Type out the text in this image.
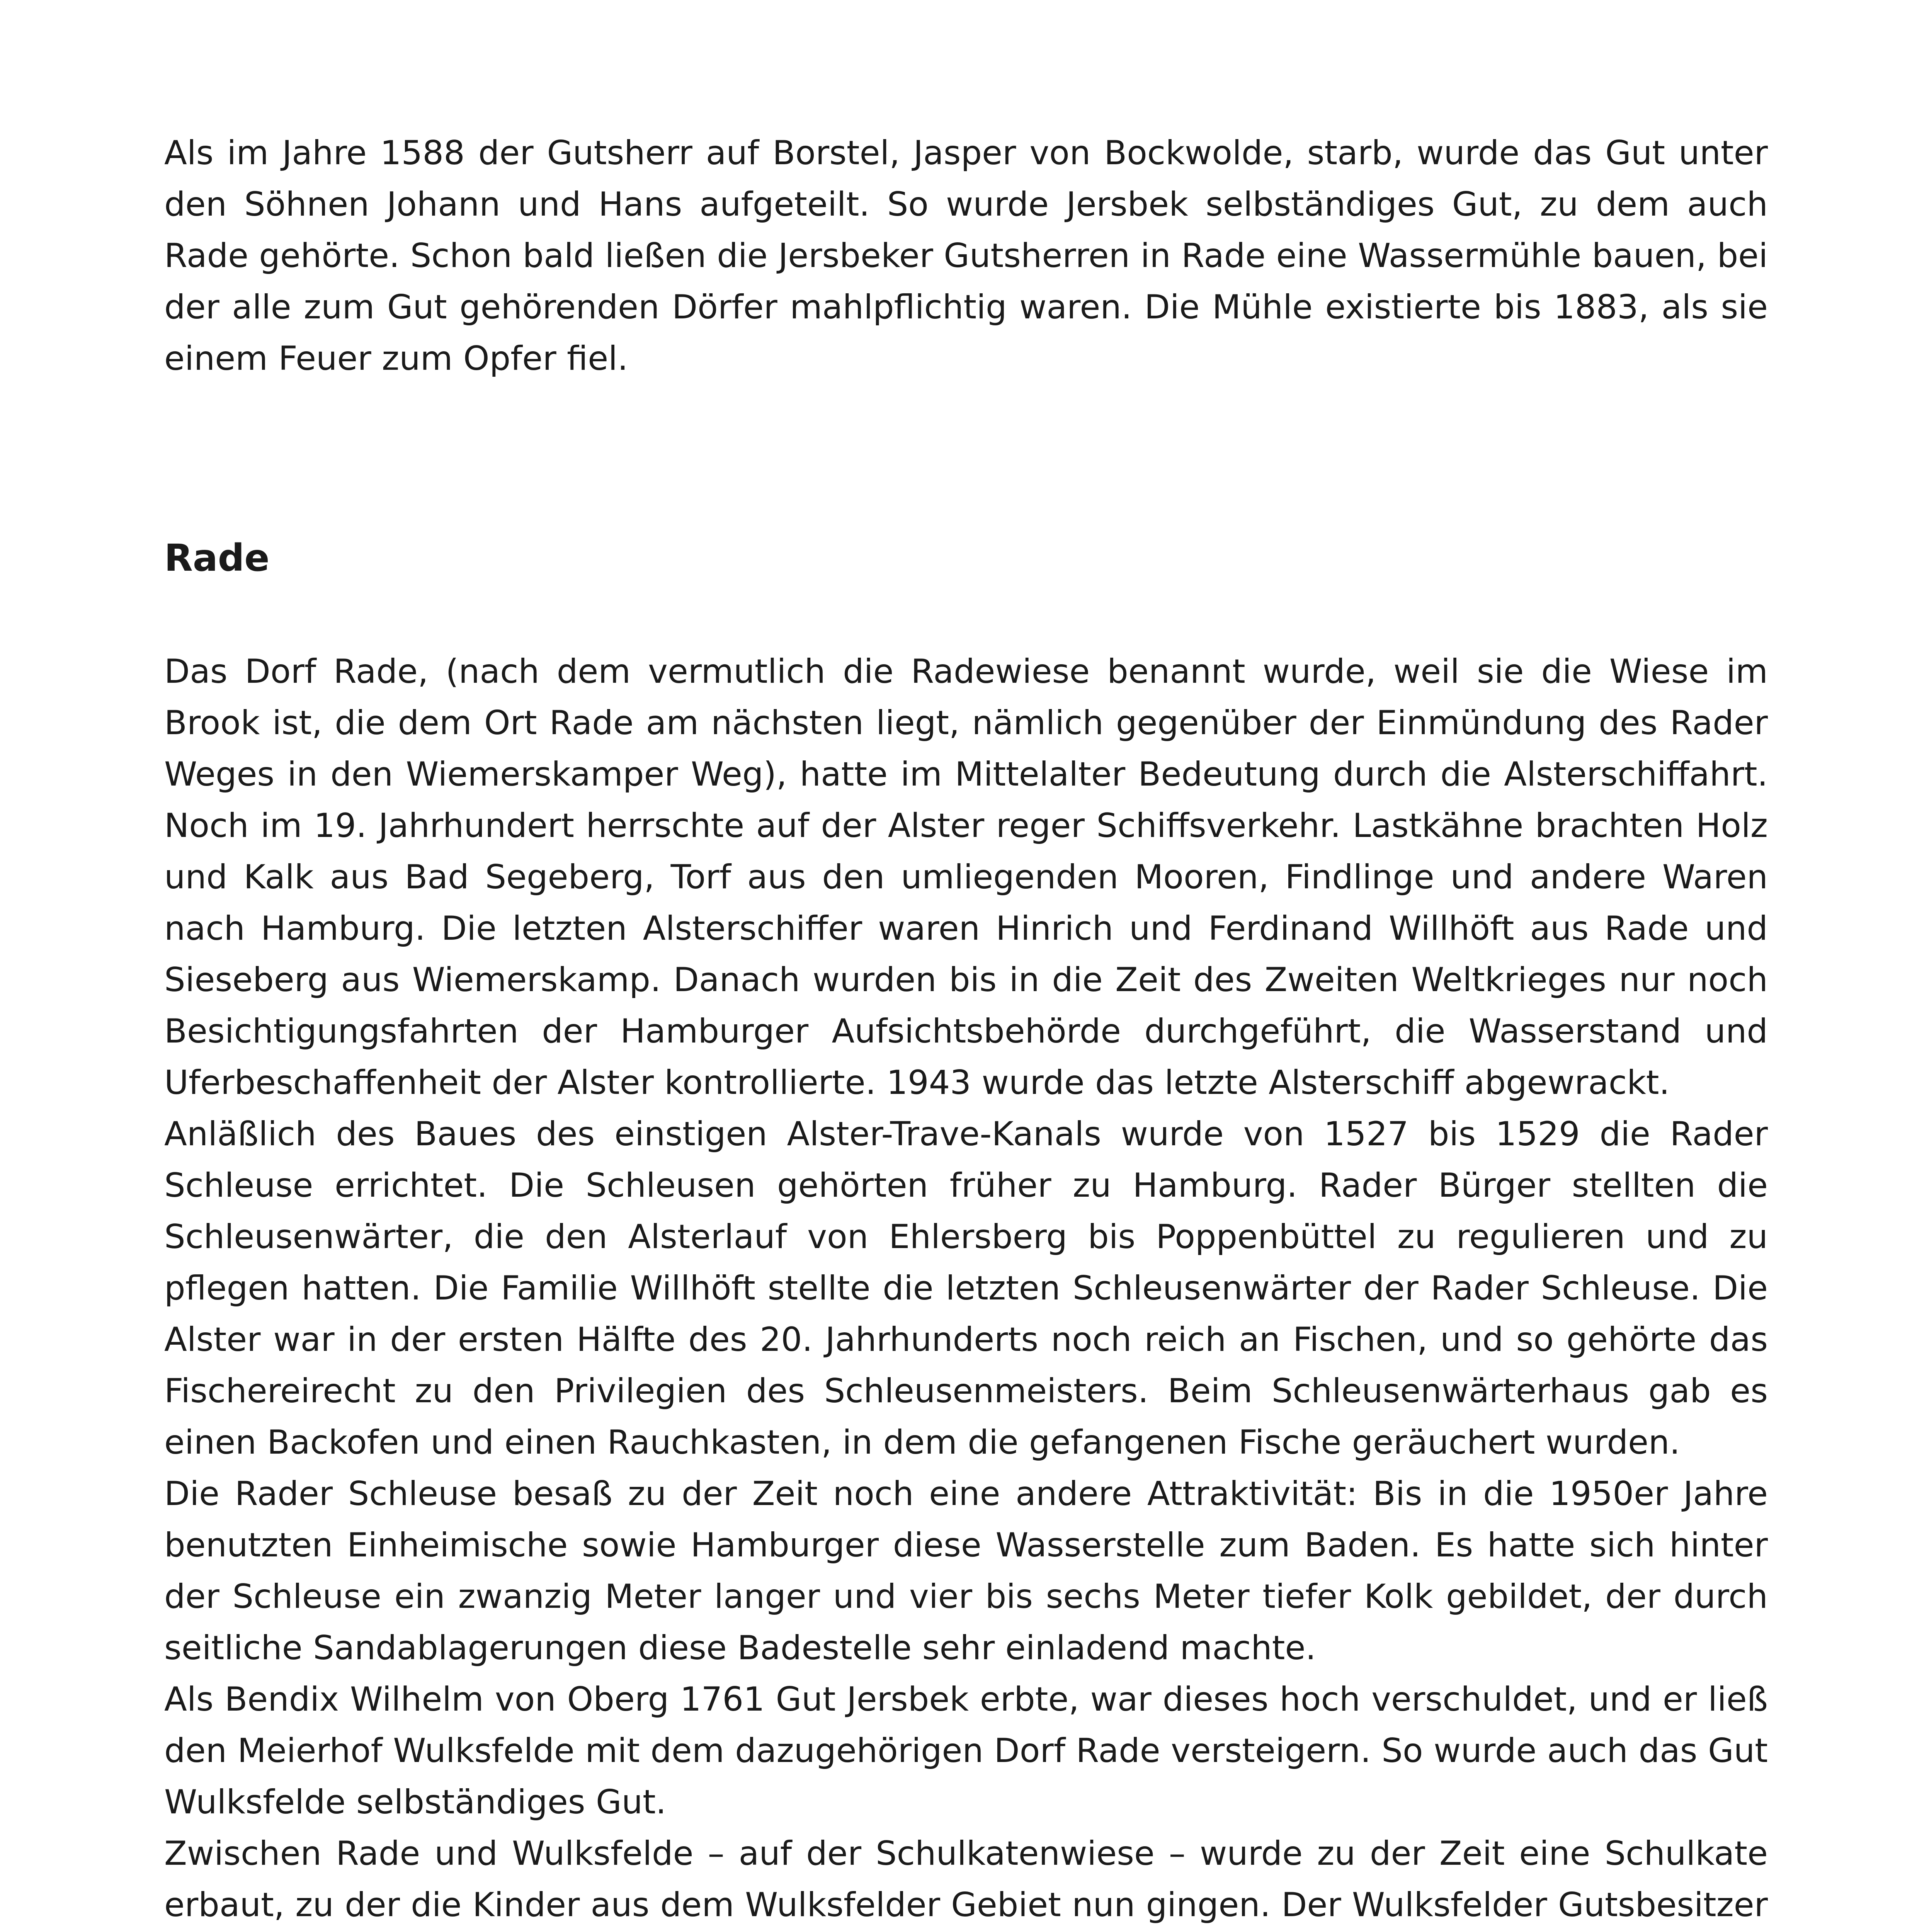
Als im Jahre 1588 der Gutsherr auf Borstel, Jasper von Bockwolde, starb, wurde das Gut unter den Söhnen Johann und Hans aufgeteilt. So wurde Jersbek selbständiges Gut, zu dem auch Rade gehörte. Schon bald ließen die Jersbeker Gutsherren in Rade eine Wassermühle bauen, bei der alle zum Gut gehörenden Dörfer mahlpflichtig waren. Die Mühle existierte bis 1883, als sie einem Feuer zum Opfer fiel.

Rade

Das Dorf Rade, (nach dem vermutlich die Radewiese benannt wurde, weil sie die Wiese im Brook ist, die dem Ort Rade am nächsten liegt, nämlich gegenüber der Einmündung des Rader Weges in den Wiemerskamper Weg), hatte im Mittelalter Bedeutung durch die Alsterschiffahrt. Noch im 19. Jahrhundert herrschte auf der Alster reger Schiffsverkehr. Lastkähne brachten Holz und Kalk aus Bad Segeberg, Torf aus den umliegenden Mooren, Findlinge und andere Waren nach Hamburg. Die letzten Alsterschiffer waren Hinrich und Ferdinand Willhöft aus Rade und Sieseberg aus Wiemerskamp. Danach wurden bis in die Zeit des Zweiten Weltkrieges nur noch Besichtigungsfahrten der Hamburger Aufsichtsbehörde durchgeführt, die Wasserstand und Uferbeschaffenheit der Alster kontrollierte. 1943 wurde das letzte Alsterschiff abgewrackt.

Anläßlich des Baues des einstigen Alster-Trave-Kanals wurde von 1527 bis 1529 die Rader Schleuse errichtet. Die Schleusen gehörten früher zu Hamburg. Rader Bürger stellten die Schleusenwärter, die den Alsterlauf von Ehlersberg bis Poppenbüttel zu regulieren und zu pflegen hatten. Die Familie Willhöft stellte die letzten Schleusenwärter der Rader Schleuse. Die Alster war in der ersten Hälfte des 20. Jahrhunderts noch reich an Fischen, und so gehörte das Fischereirecht zu den Privilegien des Schleusenmeisters. Beim Schleusenwärterhaus gab es einen Backofen und einen Rauchkasten, in dem die gefangenen Fische geräuchert wurden.

Die Rader Schleuse besaß zu der Zeit noch eine andere Attraktivität: Bis in die 1950er Jahre benutzten Einheimische sowie Hamburger diese Wasserstelle zum Baden. Es hatte sich hinter der Schleuse ein zwanzig Meter langer und vier bis sechs Meter tiefer Kolk gebildet, der durch seitliche Sandablagerungen diese Badestelle sehr einladend machte.

Als Bendix Wilhelm von Oberg 1761 Gut Jersbek erbte, war dieses hoch verschuldet, und er ließ den Meierhof Wulksfelde mit dem dazugehörigen Dorf Rade versteigern. So wurde auch das Gut Wulksfelde selbständiges Gut.

Zwischen Rade und Wulksfelde – auf der Schulkatenwiese – wurde zu der Zeit eine Schulkate erbaut, zu der die Kinder aus dem Wulksfelder Gebiet nun gingen. Der Wulksfelder Gutsbesitzer
